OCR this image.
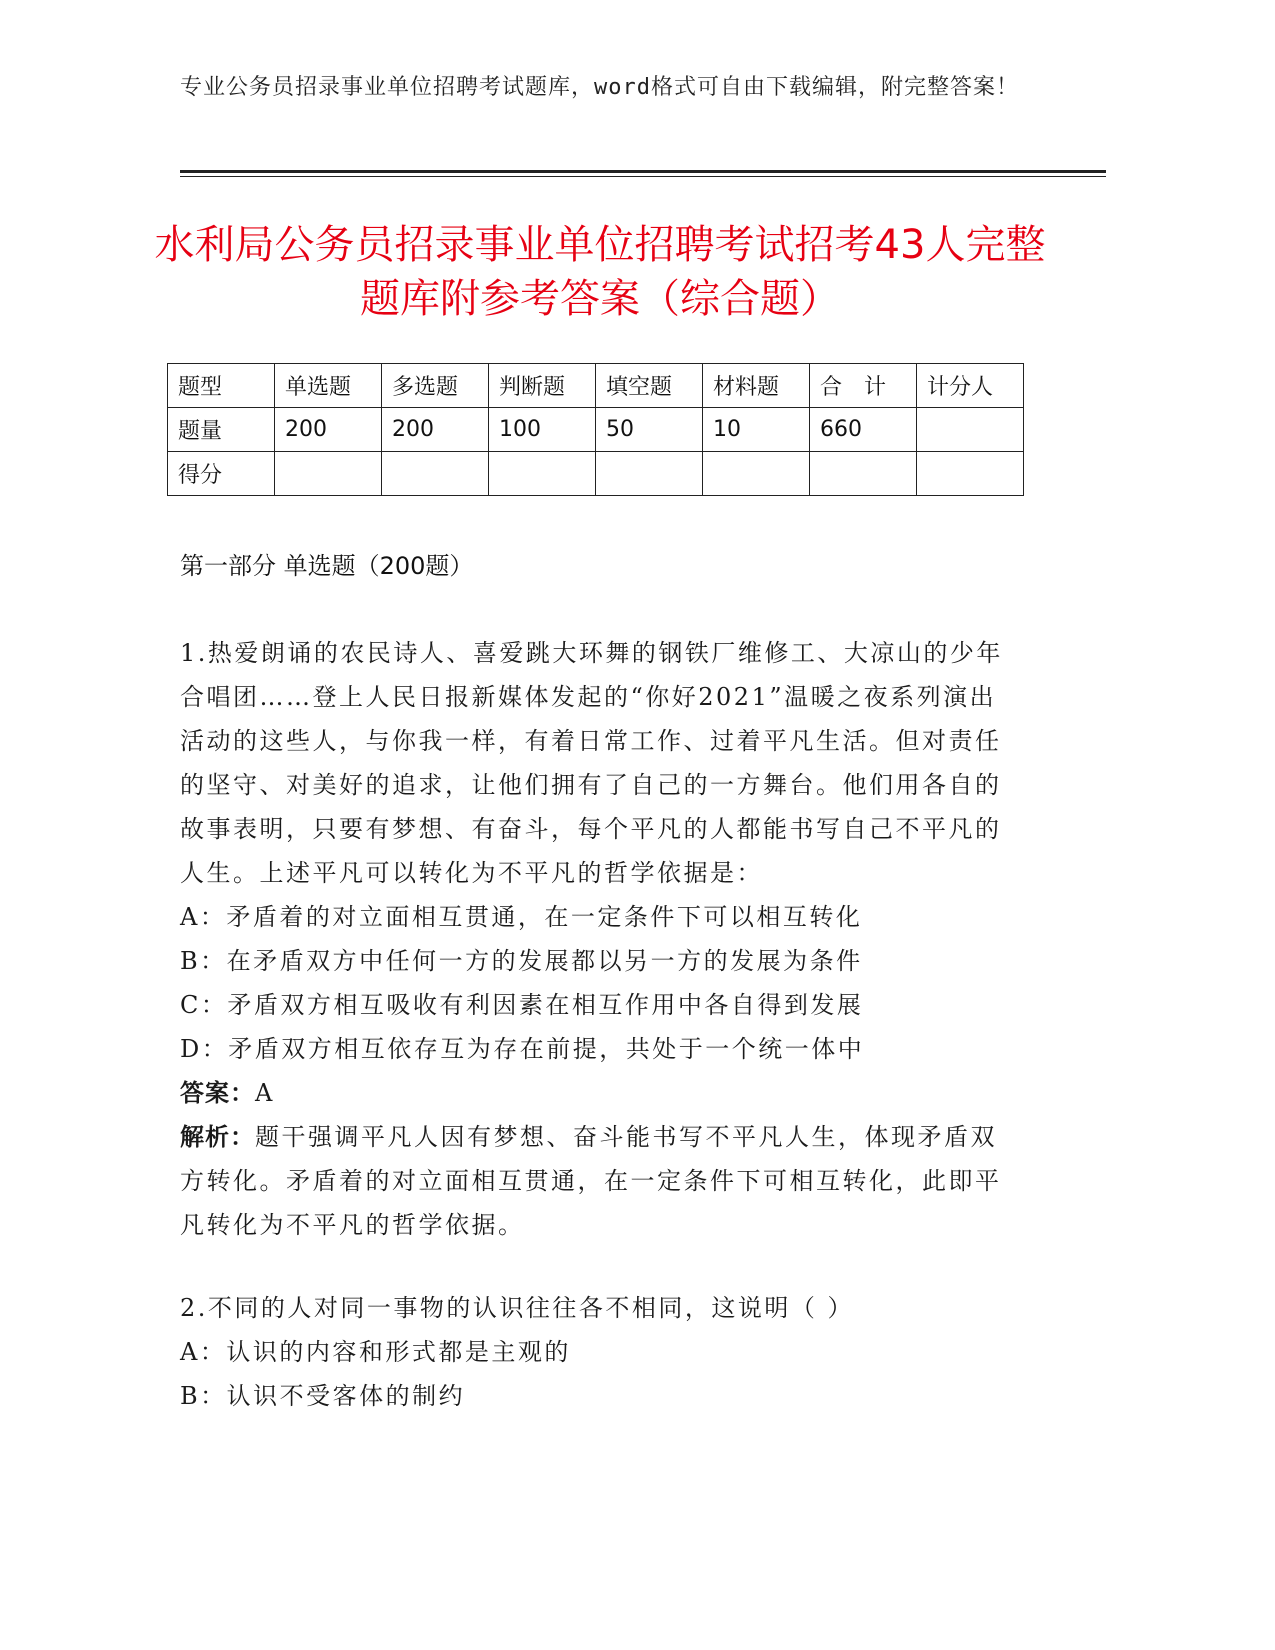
专业公务员招录事业单位招聘考试题库，word格式可自由下载编辑，附完整答案！
水利局公务员招录事业单位招聘考试招考43人完整题库附参考答案（综合题）
题型	单选题	多选题	判断题	填空题	材料题	合　计	计分人
题量	200	200	100	50	10	660	
得分							
第一部分 单选题（200题）

1.热爱朗诵的农民诗人、喜爱跳大环舞的钢铁厂维修工、大凉山的少年合唱团……登上人民日报新媒体发起的“你好2021”温暖之夜系列演出活动的这些人，与你我一样，有着日常工作、过着平凡生活。但对责任的坚守、对美好的追求，让他们拥有了自己的一方舞台。他们用各自的故事表明，只要有梦想、有奋斗，每个平凡的人都能书写自己不平凡的人生。上述平凡可以转化为不平凡的哲学依据是：

A：矛盾着的对立面相互贯通，在一定条件下可以相互转化

B：在矛盾双方中任何一方的发展都以另一方的发展为条件

C：矛盾双方相互吸收有利因素在相互作用中各自得到发展

D：矛盾双方相互依存互为存在前提，共处于一个统一体中

答案：A

解析：题干强调平凡人因有梦想、奋斗能书写不平凡人生，体现矛盾双方转化。矛盾着的对立面相互贯通，在一定条件下可相互转化，此即平凡转化为不平凡的哲学依据。

2.不同的人对同一事物的认识往往各不相同，这说明（ ）

A：认识的内容和形式都是主观的

B：认识不受客体的制约
